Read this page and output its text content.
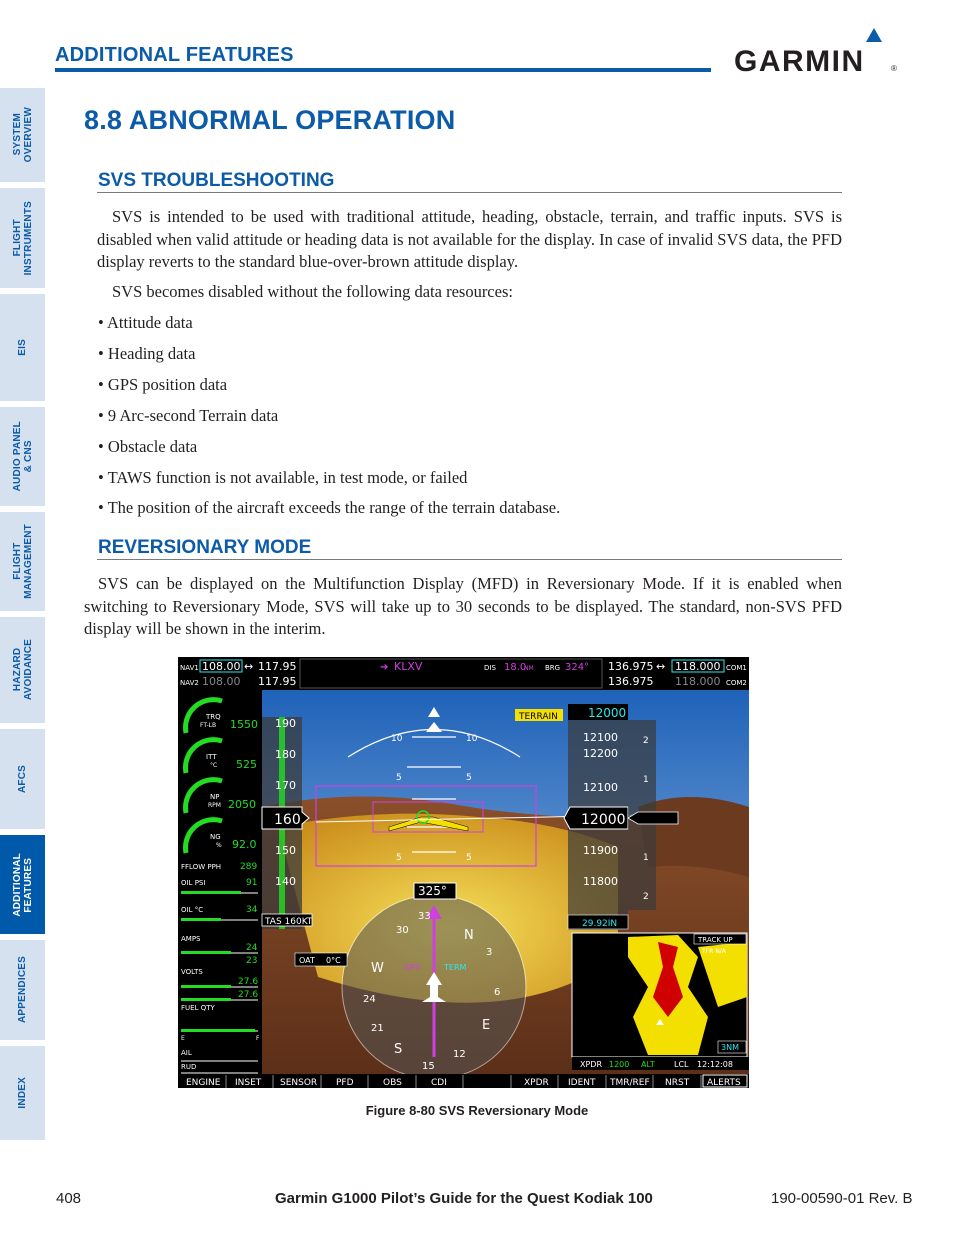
SYSTEM
OVERVIEW
FLIGHT
INSTRUMENTS
EIS
AUDIO PANEL
& CNS
FLIGHT
MANAGEMENT
HAZARD
AVOIDANCE
AFCS
ADDITIONAL
FEATURES
APPENDICES
INDEX
ADDITIONAL FEATURES	GARMIN	®
8.8 ABNORMAL OPERATION
SVS TROUBLESHOOTING

SVS is intended to be used with traditional attitude, heading, obstacle, terrain, and traffic inputs. SVS is disabled when valid attitude or heading data is not available for the display. In case of invalid SVS data, the PFD display reverts to the standard blue-over-brown attitude display.

SVS becomes disabled without the following data resources:

• Attitude data
• Heading data
• GPS position data
• 9 Arc-second Terrain data
• Obstacle data
• TAWS function is not available, in test mode, or failed
• The position of the aircraft exceeds the range of the terrain database.
REVERSIONARY MODE

SVS can be displayed on the Multifunction Display (MFD) in Reversionary Mode. If it is enabled when switching to Reversionary Mode, SVS will take up to 30 seconds to be displayed. The standard, non-SVS PFD display will be shown in the interim.

NAV1 108.00 ↔ 117.95
NAV2 108.00 117.95
➔ KLXV	DIS 18.0
NM BRG 324° 136.975 ↔ 118.000 COM1
136.975 118.000 COM2
TRQ
FT-LB
ITT
°C
NP
RPM
NG
%
1550
525
2050
92.0
FFLOW PPH
OIL PSI
OIL °C
AMPS
VOLTS
FUEL QTY
E	F
AIL
RUD
289
91
34
24
23
27.6
27.6
190
180
170
150
140
160
TAS 160KT
10	10
5	5
5	5
TERRAIN	12000
12100
12200
12100
11900
11800
12000
2
1
1
2
29.92IN
325°
N
3
W
24
S
21
15
E
12
6
30
33
GPS	TERM
OAT 0°C
TRACK UP
TFR N/A
3NM
XPDR 1200 ALT LCL 12:12:08
ENGINE INSET SENSOR PFD	OBS	CDI	XPDR IDENT TMR/REF NRST ALERTS
Figure 8-80 SVS Reversionary Mode
408	Garmin G1000 Pilot’s Guide for the Quest Kodiak 100	190-00590-01 Rev. B
